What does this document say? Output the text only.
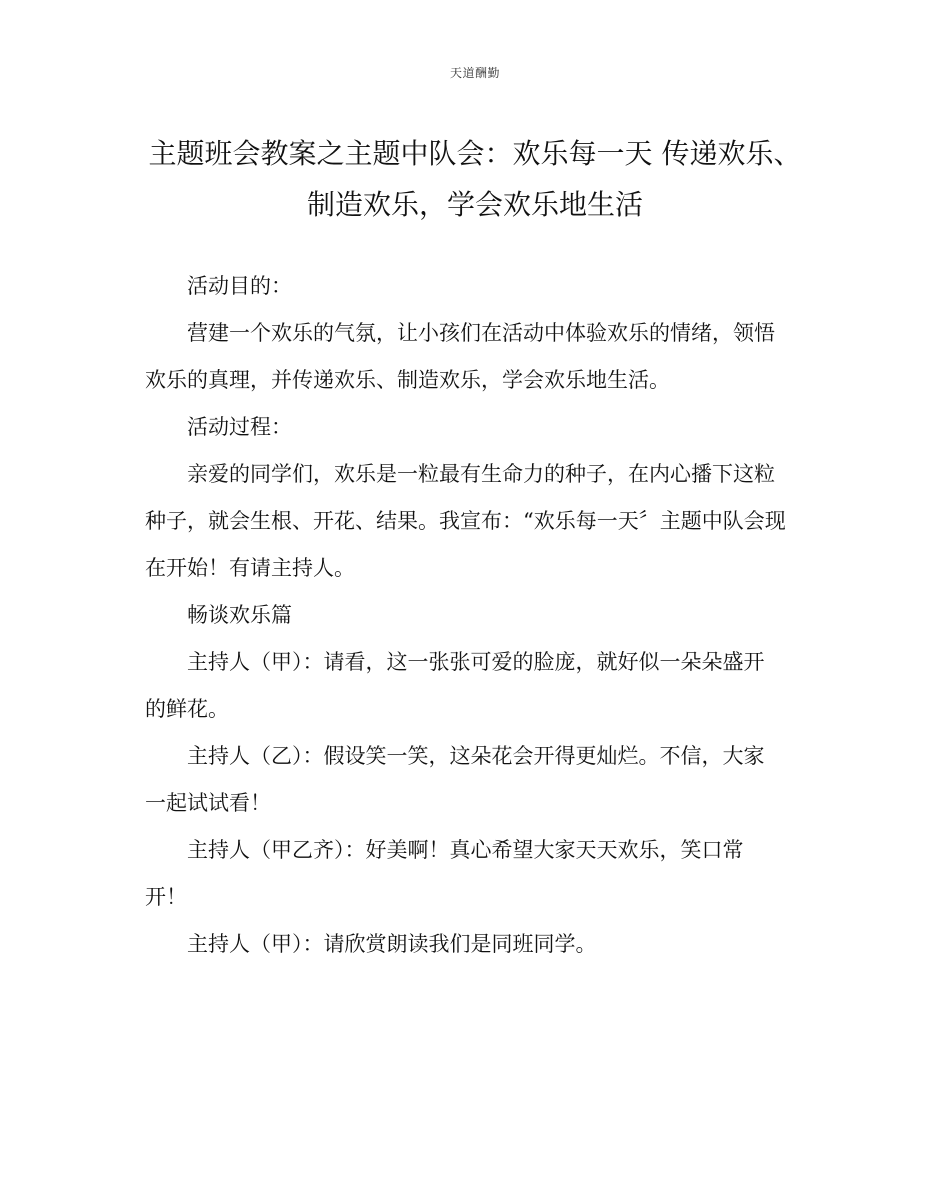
天道酬勤
主题班会教案之主题中队会：欢乐每一天 传递欢乐、
制造欢乐，学会欢乐地生活

活动目的：

营建一个欢乐的气氛，让小孩们在活动中体验欢乐的情绪，领悟
欢乐的真理，并传递欢乐、制造欢乐，学会欢乐地生活。

活动过程：

亲爱的同学们，欢乐是一粒最有生命力的种子，在内心播下这粒
种子，就会生根、开花、结果。我宣布：“欢乐每一天〞主题中队会现
在开始！有请主持人。

畅谈欢乐篇

主持人（甲）：请看，这一张张可爱的脸庞，就好似一朵朵盛开
的鲜花。

主持人（乙）：假设笑一笑，这朵花会开得更灿烂。不信，大家
一起试试看！

主持人（甲乙齐）：好美啊！真心希望大家天天欢乐，笑口常
开！

主持人（甲）：请欣赏朗读我们是同班同学。
